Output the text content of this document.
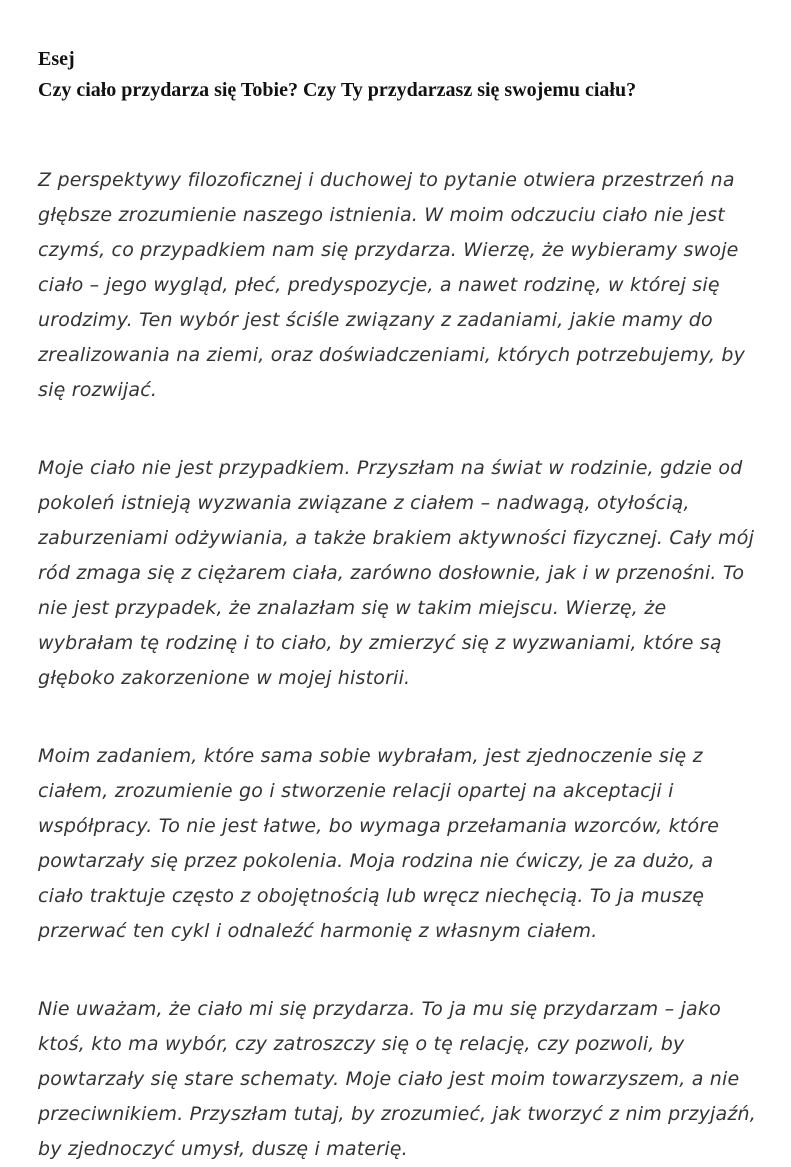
Esej
Czy ciało przydarza się Tobie? Czy Ty przydarzasz się swojemu ciału?

Z perspektywy filozoficznej i duchowej to pytanie otwiera przestrzeń na głębsze zrozumienie naszego istnienia. W moim odczuciu ciało nie jest czymś, co przypadkiem nam się przydarza. Wierzę, że wybieramy swoje ciało – jego wygląd, płeć, predyspozycje, a nawet rodzinę, w której się urodzimy. Ten wybór jest ściśle związany z zadaniami, jakie mamy do zrealizowania na ziemi, oraz doświadczeniami, których potrzebujemy, by się rozwijać.

Moje ciało nie jest przypadkiem. Przyszłam na świat w rodzinie, gdzie od pokoleń istnieją wyzwania związane z ciałem – nadwagą, otyłością, zaburzeniami odżywiania, a także brakiem aktywności fizycznej. Cały mój ród zmaga się z ciężarem ciała, zarówno dosłownie, jak i w przenośni. To nie jest przypadek, że znalazłam się w takim miejscu. Wierzę, że wybrałam tę rodzinę i to ciało, by zmierzyć się z wyzwaniami, które są głęboko zakorzenione w mojej historii.

Moim zadaniem, które sama sobie wybrałam, jest zjednoczenie się z ciałem, zrozumienie go i stworzenie relacji opartej na akceptacji i współpracy. To nie jest łatwe, bo wymaga przełamania wzorców, które powtarzały się przez pokolenia. Moja rodzina nie ćwiczy, je za dużo, a ciało traktuje często z obojętnością lub wręcz niechęcią. To ja muszę przerwać ten cykl i odnaleźć harmonię z własnym ciałem.

Nie uważam, że ciało mi się przydarza. To ja mu się przydarzam – jako ktoś, kto ma wybór, czy zatroszczy się o tę relację, czy pozwoli, by powtarzały się stare schematy. Moje ciało jest moim towarzyszem, a nie przeciwnikiem. Przyszłam tutaj, by zrozumieć, jak tworzyć z nim przyjaźń, by zjednoczyć umysł, duszę i materię.
